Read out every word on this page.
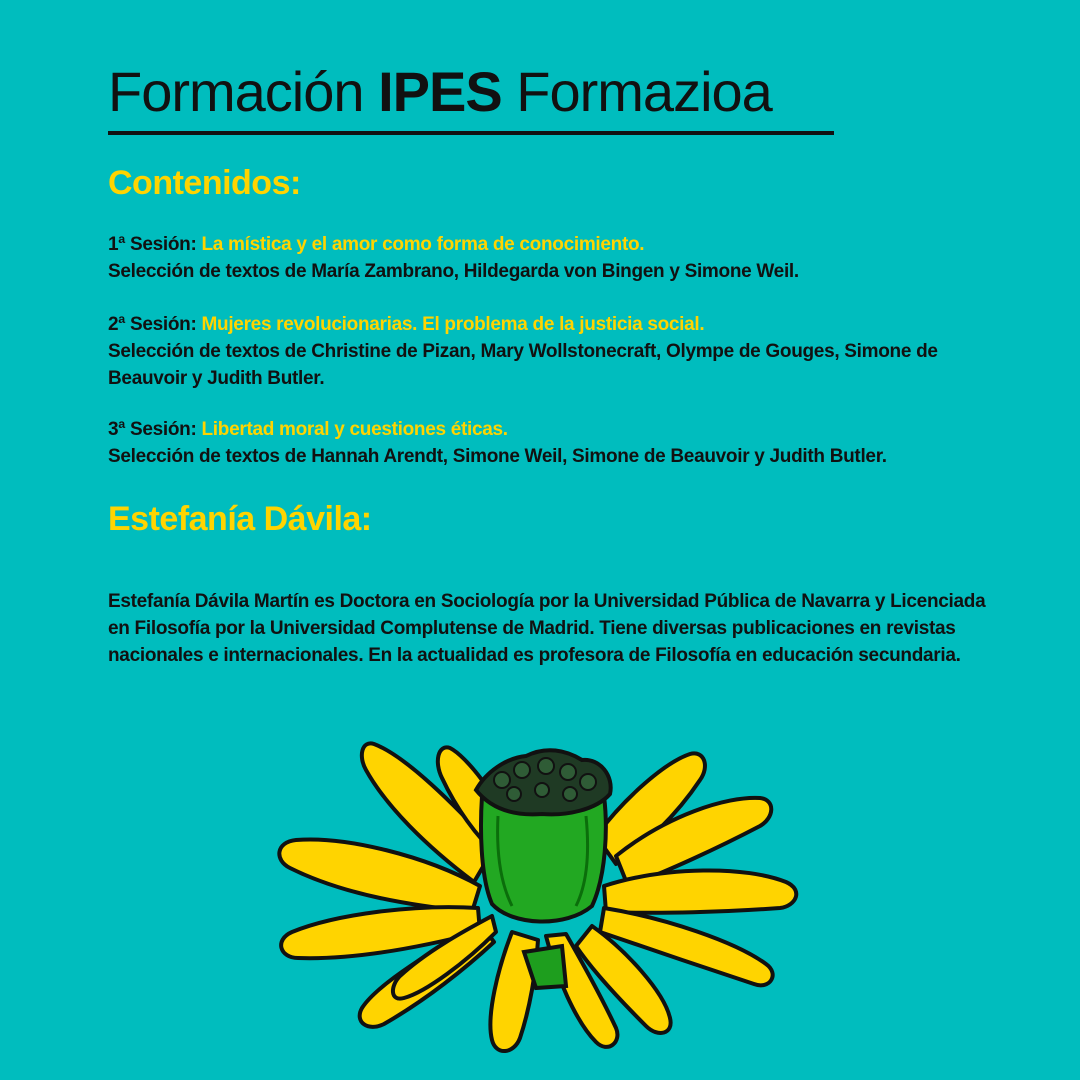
Formación IPES Formazioa
Contenidos:
1ª Sesión: La mística y el amor como forma de conocimiento.
Selección de textos de María Zambrano, Hildegarda von Bingen y Simone Weil.
2ª Sesión: Mujeres revolucionarias. El problema de la justicia social.
Selección de textos de Christine de Pizan, Mary Wollstonecraft, Olympe de Gouges, Simone de Beauvoir y Judith Butler.
3ª Sesión: Libertad moral y cuestiones éticas.
Selección de textos de Hannah Arendt, Simone Weil, Simone de Beauvoir y Judith Butler.
Estefanía Dávila:
Estefanía Dávila Martín es Doctora en Sociología por la Universidad Pública de Navarra y Licenciada en Filosofía por la Universidad Complutense de Madrid. Tiene diversas publicaciones en revistas nacionales e internacionales. En la actualidad es profesora de Filosofía en educación secundaria.
